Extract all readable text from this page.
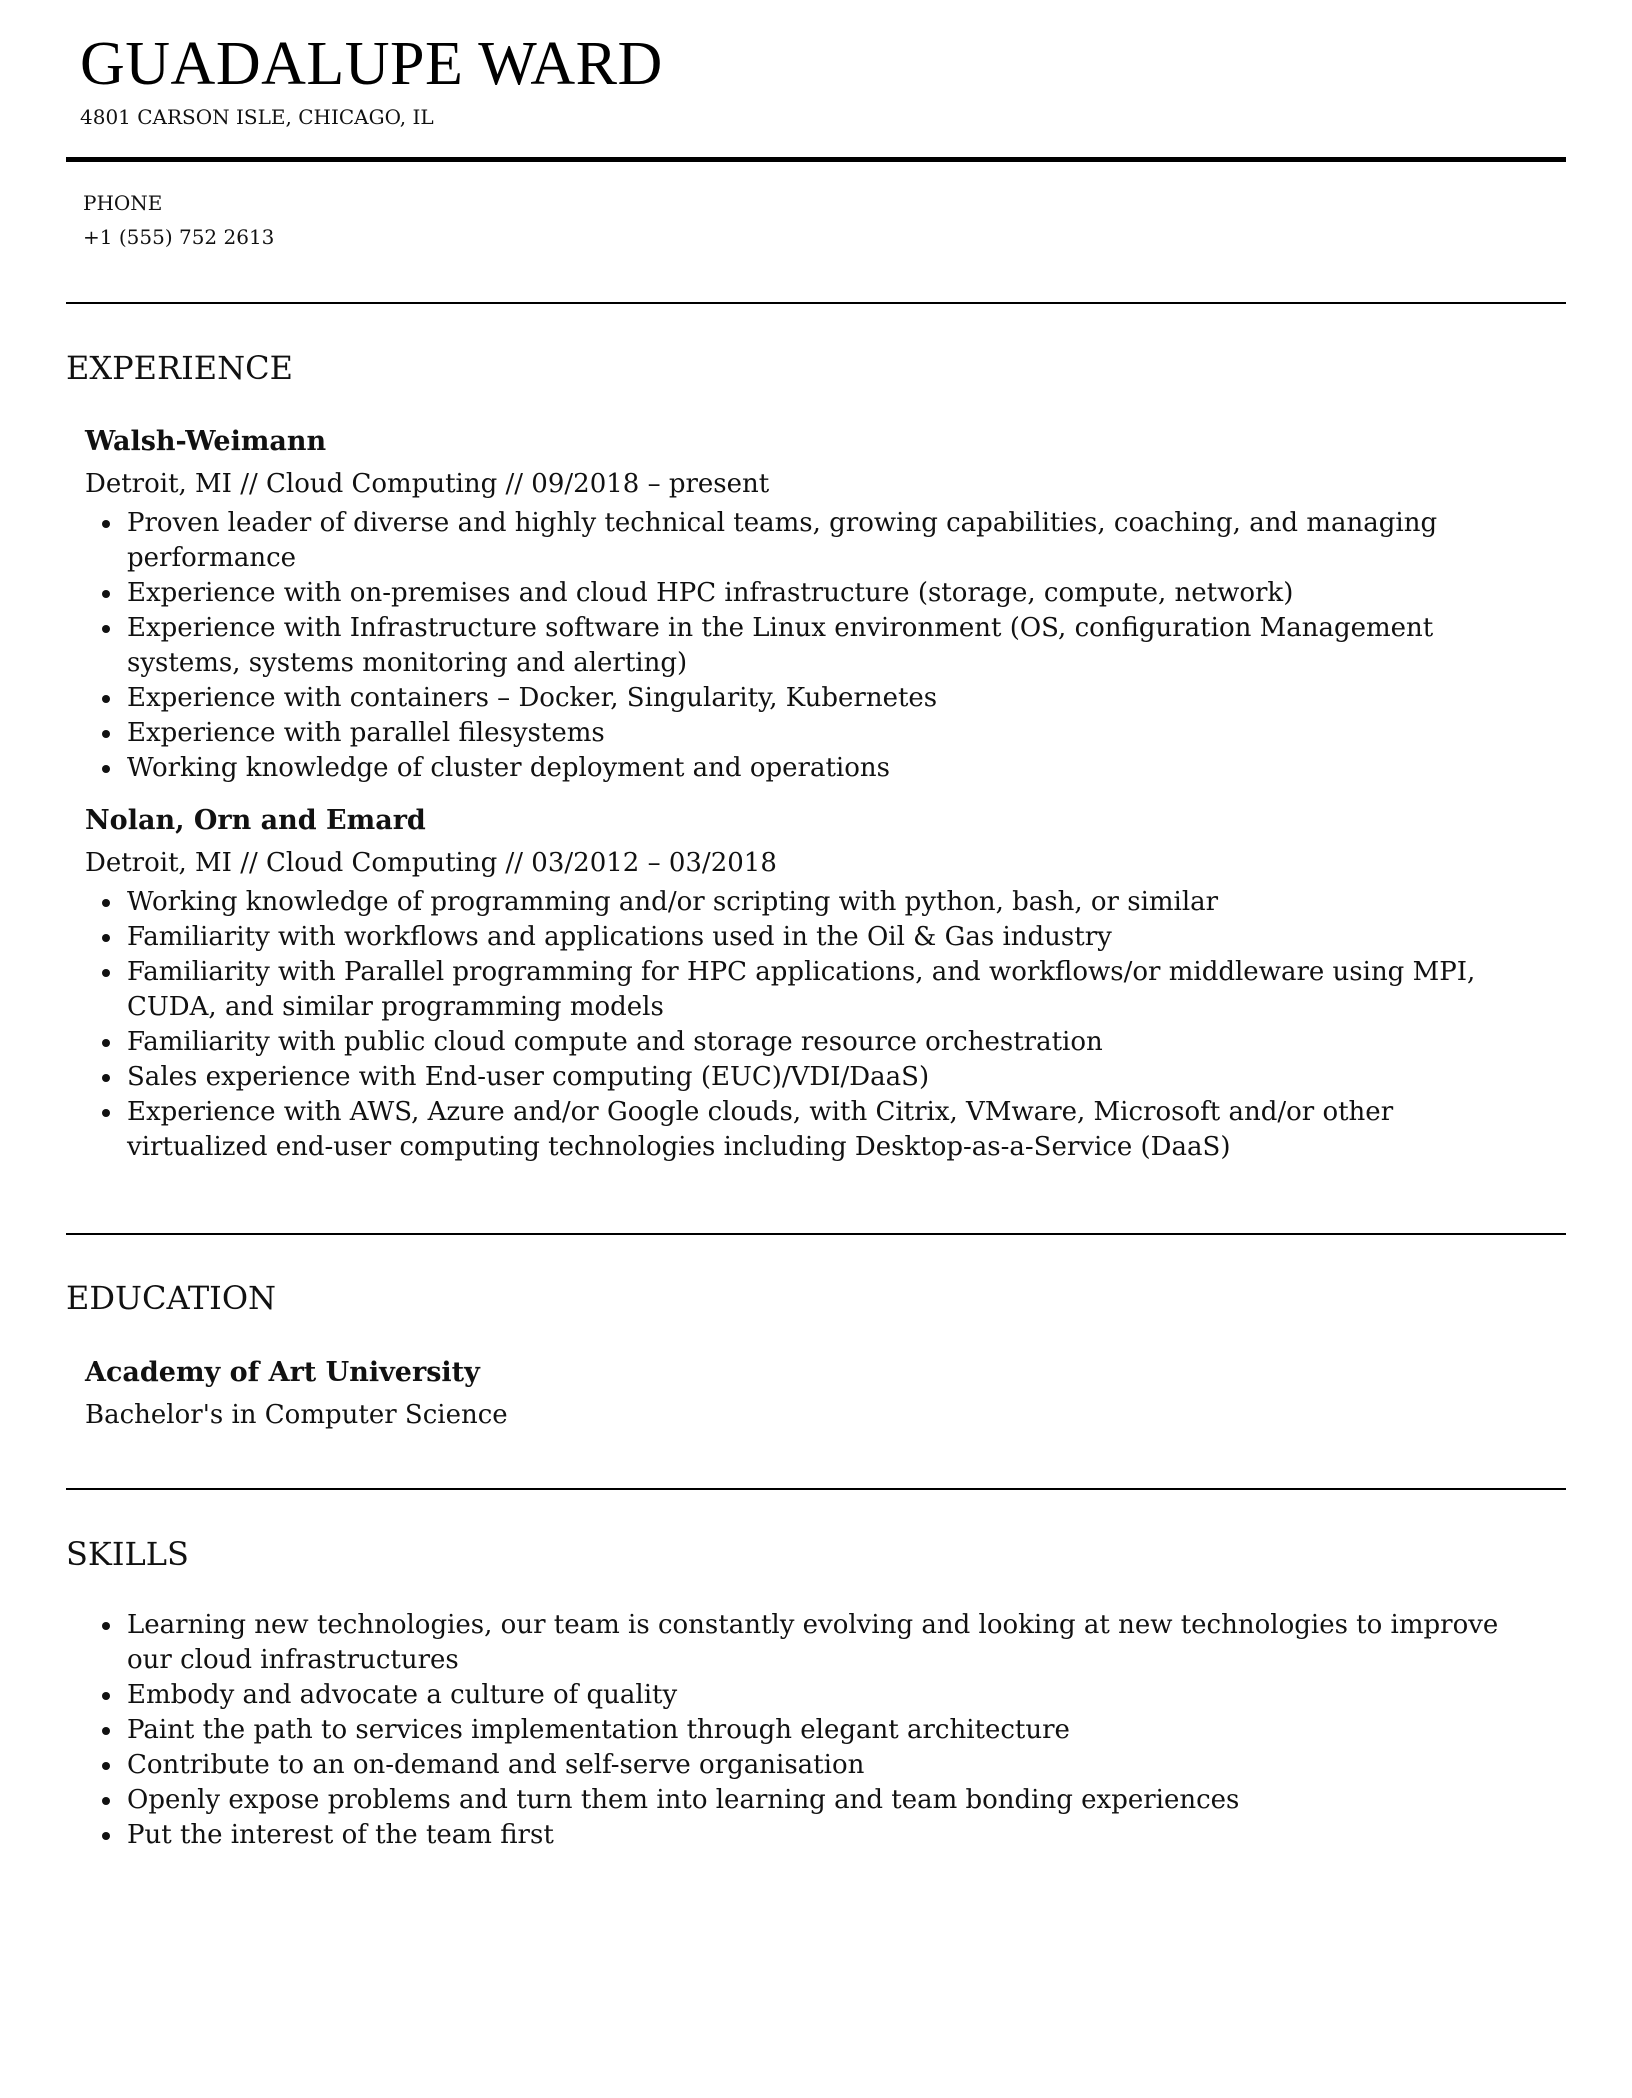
GUADALUPE WARD
4801 CARSON ISLE, CHICAGO, IL
PHONE
+1 (555) 752 2613
EXPERIENCE
Walsh-Weimann
Detroit, MI // Cloud Computing // 09/2018 – present
Proven leader of diverse and highly technical teams, growing capabilities, coaching, and managing performance
Experience with on-premises and cloud HPC infrastructure (storage, compute, network)
Experience with Infrastructure software in the Linux environment (OS, configuration Management systems, systems monitoring and alerting)
Experience with containers – Docker, Singularity, Kubernetes
Experience with parallel filesystems
Working knowledge of cluster deployment and operations
Nolan, Orn and Emard
Detroit, MI // Cloud Computing // 03/2012 – 03/2018
Working knowledge of programming and/or scripting with python, bash, or similar
Familiarity with workflows and applications used in the Oil & Gas industry
Familiarity with Parallel programming for HPC applications, and workflows/or middleware using MPI, CUDA, and similar programming models
Familiarity with public cloud compute and storage resource orchestration
Sales experience with End-user computing (EUC)/VDI/DaaS)
Experience with AWS, Azure and/or Google clouds, with Citrix, VMware, Microsoft and/or other virtualized end-user computing technologies including Desktop-as-a-Service (DaaS)
EDUCATION
Academy of Art University
Bachelor's in Computer Science
SKILLS
Learning new technologies, our team is constantly evolving and looking at new technologies to improve our cloud infrastructures
Embody and advocate a culture of quality
Paint the path to services implementation through elegant architecture
Contribute to an on-demand and self-serve organisation
Openly expose problems and turn them into learning and team bonding experiences
Put the interest of the team first
